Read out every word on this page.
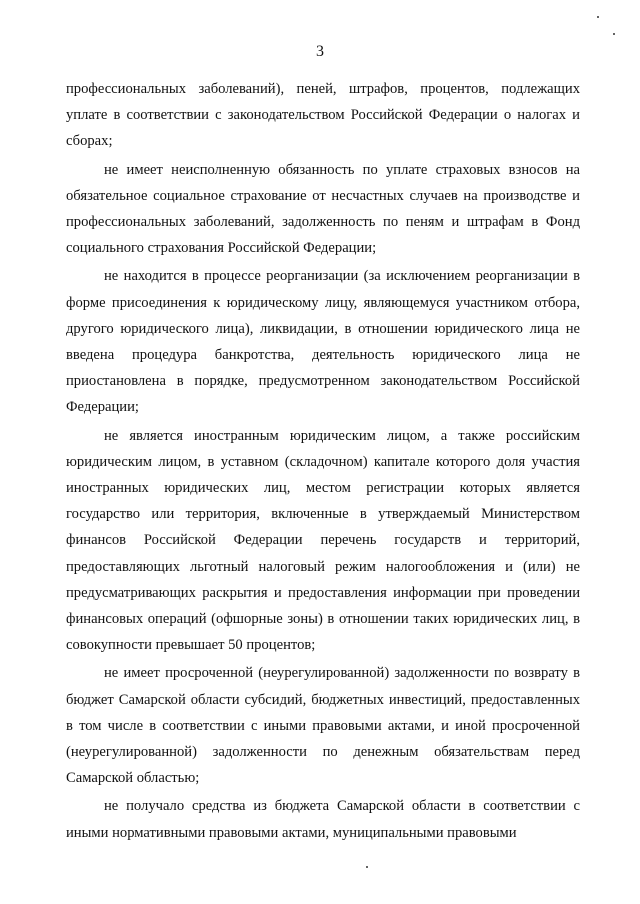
3

профессиональных заболеваний), пеней, штрафов, процентов, подлежащих уплате в соответствии с законодательством Российской Федерации о налогах и сборах;

не имеет неисполненную обязанность по уплате страховых взносов на обязательное социальное страхование от несчастных случаев на производстве и профессиональных заболеваний, задолженность по пеням и штрафам в Фонд социального страхования Российской Федерации;

не находится в процессе реорганизации (за исключением реорганизации в форме присоединения к юридическому лицу, являющемуся участником отбора, другого юридического лица), ликвидации, в отношении юридического лица не введена процедура банкротства, деятельность юридического лица не приостановлена в порядке, предусмотренном законодательством Российской Федерации;

не является иностранным юридическим лицом, а также российским юридическим лицом, в уставном (складочном) капитале которого доля участия иностранных юридических лиц, местом регистрации которых является государство или территория, включенные в утверждаемый Министерством финансов Российской Федерации перечень государств и территорий, предоставляющих льготный налоговый режим налогообложения и (или) не предусматривающих раскрытия и предоставления информации при проведении финансовых операций (офшорные зоны) в отношении таких юридических лиц, в совокупности превышает 50 процентов;

не имеет просроченной (неурегулированной) задолженности по возврату в бюджет Самарской области субсидий, бюджетных инвестиций, предоставленных в том числе в соответствии с иными правовыми актами, и иной просроченной (неурегулированной) задолженности по денежным обязательствам перед Самарской областью;

не получало средства из бюджета Самарской области в соответствии с иными нормативными правовыми актами, муниципальными правовыми
